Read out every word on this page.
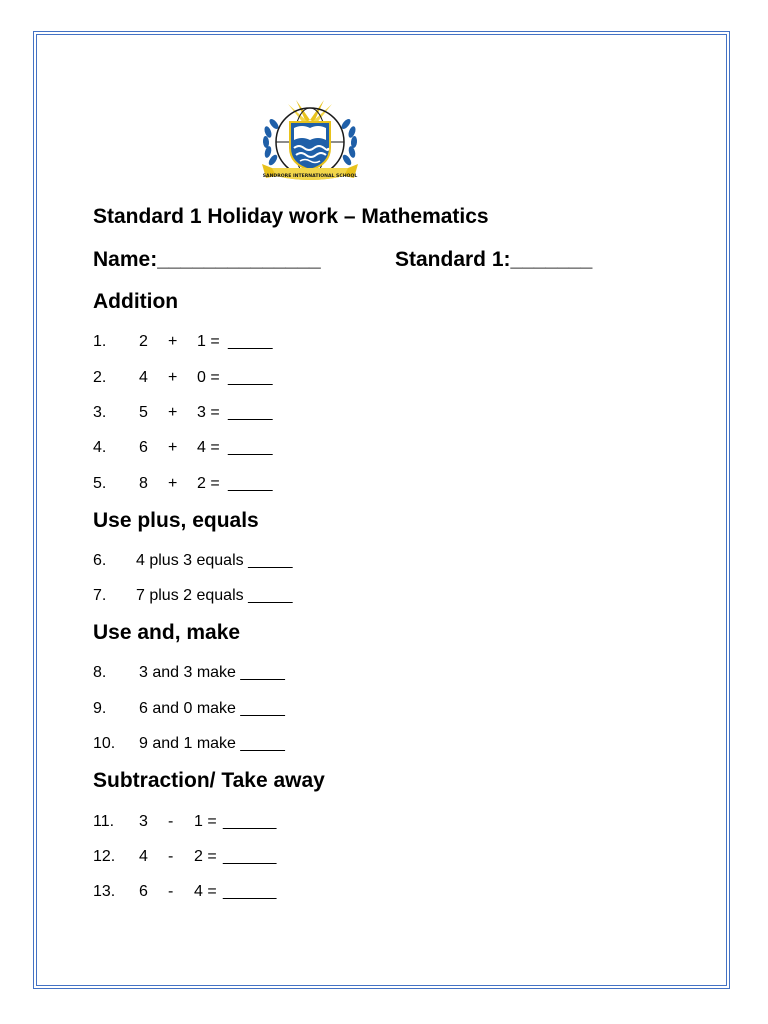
SANDRORE INTERNATIONAL SCHOOL
Standard 1 Holiday work – Mathematics
Name:______________	Standard 1:_______
Addition
1. 2 + 1 = _____
2. 4 + 0 = _____
3. 5 + 3 = _____
4. 6 + 4 = _____
5. 8 + 2 = _____
Use plus, equals
6. 4 plus 3 equals _____
7. 7 plus 2 equals _____
Use and, make
8. 3 and 3 make _____
9. 6 and 0 make _____
10. 9 and 1 make _____
Subtraction/ Take away
11. 3 - 1 = ______
12. 4 - 2 = ______
13. 6 - 4 = ______
